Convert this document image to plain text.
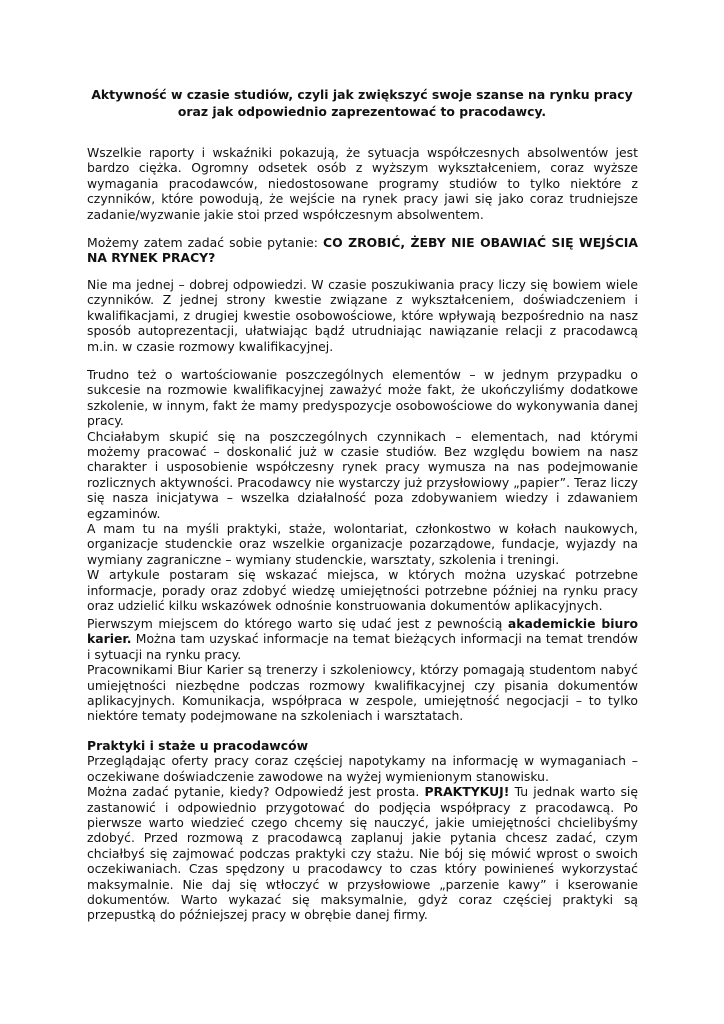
Aktywność w czasie studiów, czyli jak zwiększyć swoje szanse na rynku pracy
oraz jak odpowiednio zaprezentować to pracodawcy.

Wszelkie raporty i wskaźniki pokazują, że sytuacja współczesnych absolwentów jest bardzo ciężka. Ogromny odsetek osób z wyższym wykształceniem, coraz wyższe wymagania pracodawców, niedostosowane programy studiów to tylko niektóre z czynników, które powodują, że wejście na rynek pracy jawi się jako coraz trudniejsze zadanie/wyzwanie jakie stoi przed współczesnym absolwentem.

Możemy zatem zadać sobie pytanie: CO ZROBIĆ, ŻEBY NIE OBAWIAĆ SIĘ WEJŚCIA NA RYNEK PRACY?

Nie ma jednej – dobrej odpowiedzi. W czasie poszukiwania pracy liczy się bowiem wiele czynników. Z jednej strony kwestie związane z wykształceniem, doświadczeniem i kwalifikacjami, z drugiej kwestie osobowościowe, które wpływają bezpośrednio na nasz sposób autoprezentacji, ułatwiając bądź utrudniając nawiązanie relacji z pracodawcą m.in. w czasie rozmowy kwalifikacyjnej.

Trudno też o wartościowanie poszczególnych elementów – w jednym przypadku o sukcesie na rozmowie kwalifikacyjnej zaważyć może fakt, że ukończyliśmy dodatkowe szkolenie, w innym, fakt że mamy predyspozycje osobowościowe do wykonywania danej pracy.

Chciałabym skupić się na poszczególnych czynnikach – elementach, nad którymi możemy pracować – doskonalić już w czasie studiów. Bez względu bowiem na nasz charakter i usposobienie współczesny rynek pracy wymusza na nas podejmowanie rozlicznych aktywności. Pracodawcy nie wystarczy już przysłowiowy „papier”. Teraz liczy się nasza inicjatywa – wszelka działalność poza zdobywaniem wiedzy i zdawaniem egzaminów.

A mam tu na myśli praktyki, staże, wolontariat, członkostwo w kołach naukowych, organizacje studenckie oraz wszelkie organizacje pozarządowe, fundacje, wyjazdy na wymiany zagraniczne – wymiany studenckie, warsztaty, szkolenia i treningi.

W artykule postaram się wskazać miejsca, w których można uzyskać potrzebne informacje, porady oraz zdobyć wiedzę umiejętności potrzebne później na rynku pracy oraz udzielić kilku wskazówek odnośnie konstruowania dokumentów aplikacyjnych.

Pierwszym miejscem do którego warto się udać jest z pewnością akademickie biuro karier. Można tam uzyskać informacje na temat bieżących informacji na temat trendów i sytuacji na rynku pracy.

Pracownikami Biur Karier są trenerzy i szkoleniowcy, którzy pomagają studentom nabyć umiejętności niezbędne podczas rozmowy kwalifikacyjnej czy pisania dokumentów aplikacyjnych. Komunikacja, współpraca w zespole, umiejętność negocjacji – to tylko niektóre tematy podejmowane na szkoleniach i warsztatach.

Praktyki i staże u pracodawców

Przeglądając oferty pracy coraz częściej napotykamy na informację w wymaganiach – oczekiwane doświadczenie zawodowe na wyżej wymienionym stanowisku.

Można zadać pytanie, kiedy? Odpowiedź jest prosta. PRAKTYKUJ! Tu jednak warto się zastanowić i odpowiednio przygotować do podjęcia współpracy z pracodawcą. Po pierwsze warto wiedzieć czego chcemy się nauczyć, jakie umiejętności chcielibyśmy zdobyć. Przed rozmową z pracodawcą zaplanuj jakie pytania chcesz zadać, czym chciałbyś się zajmować podczas praktyki czy stażu. Nie bój się mówić wprost o swoich oczekiwaniach. Czas spędzony u pracodawcy to czas który powinieneś wykorzystać maksymalnie. Nie daj się wtłoczyć w przysłowiowe „parzenie kawy” i kserowanie dokumentów. Warto wykazać się maksymalnie, gdyż coraz częściej praktyki są przepustką do późniejszej pracy w obrębie danej firmy.
